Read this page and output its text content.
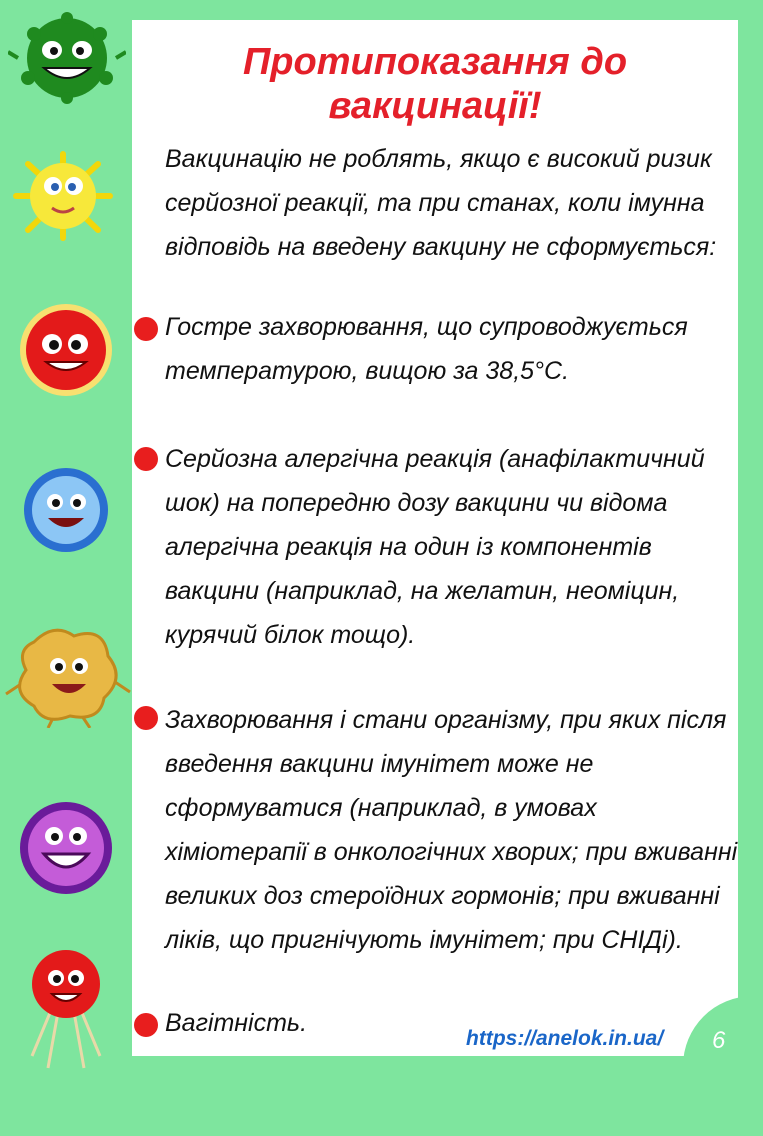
Протипоказання до вакцинації!
Вакцинацію не роблять, якщо є високий ризик серйозної реакції, та при станах, коли імунна відповідь на введену вакцину не сформується:
Гостре захворювання, що супроводжується температурою, вищою за 38,5°C.
Серйозна алергічна реакція (анафілактичний шок) на попередню дозу вакцини чи відома алергічна реакція на один із компонентів вакцини (наприклад, на желатин, неоміцин, курячий білок тощо).
Захворювання і стани організму, при яких після введення вакцини імунітет може не сформуватися (наприклад, в умовах хіміотерапії в онкологічних хворих; при вживанні великих доз стероїдних гормонів; при вживанні ліків, що пригнічують імунітет; при СНІДі).
Вагітність.
https://anelok.in.ua/ 6
